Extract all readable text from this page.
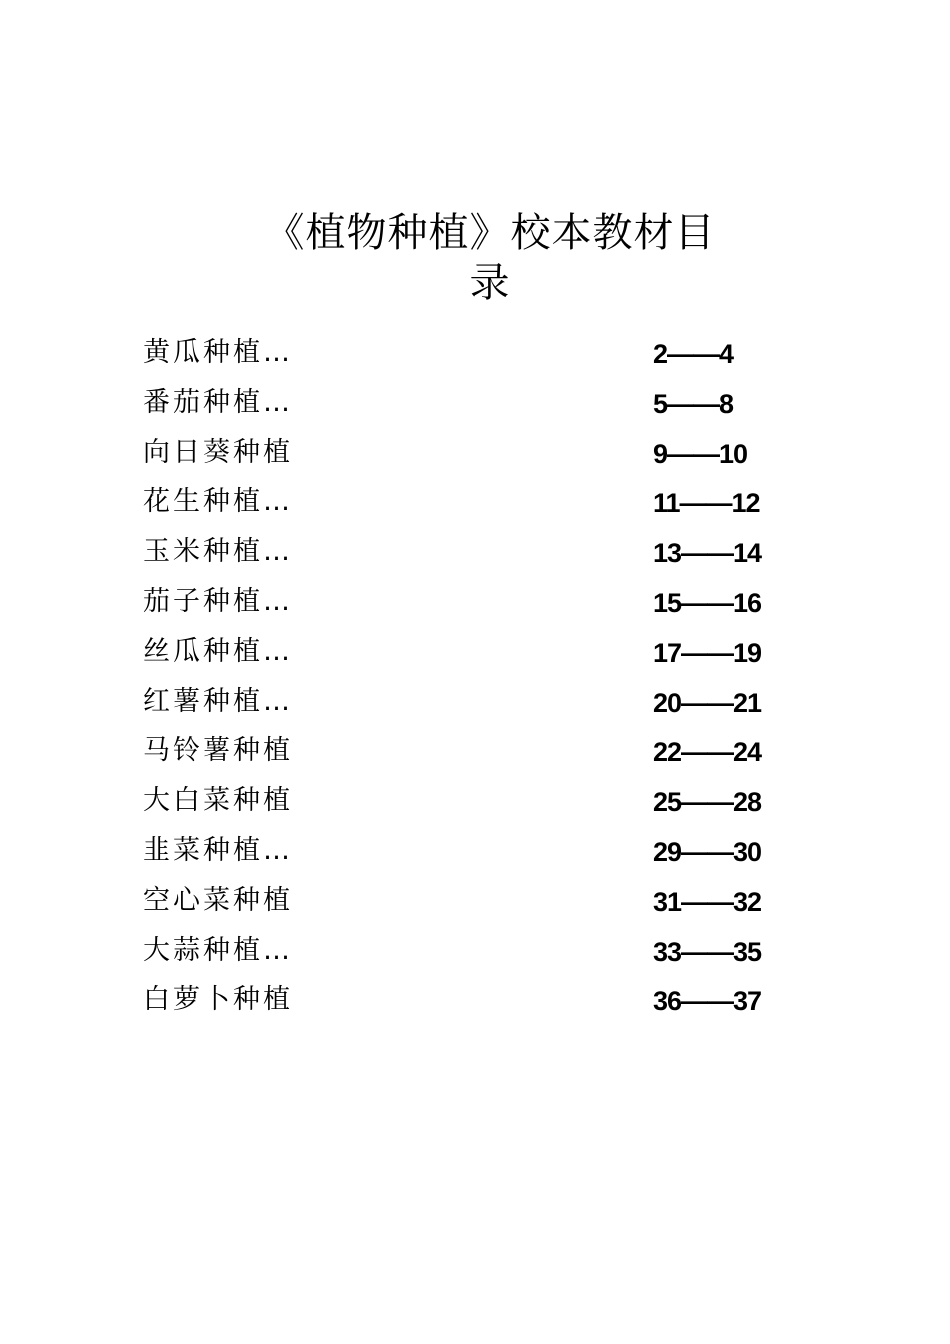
《植物种植》校本教材目录
黄瓜种植…	2——4
番茄种植…	5——8
向日葵种植	9——10
花生种植…	11——12
玉米种植…	13——14
茄子种植…	15——16
丝瓜种植…	17——19
红薯种植…	20——21
马铃薯种植	22——24
大白菜种植	25——28
韭菜种植…	29——30
空心菜种植	31——32
大蒜种植…	33——35
白萝卜种植	36——37
